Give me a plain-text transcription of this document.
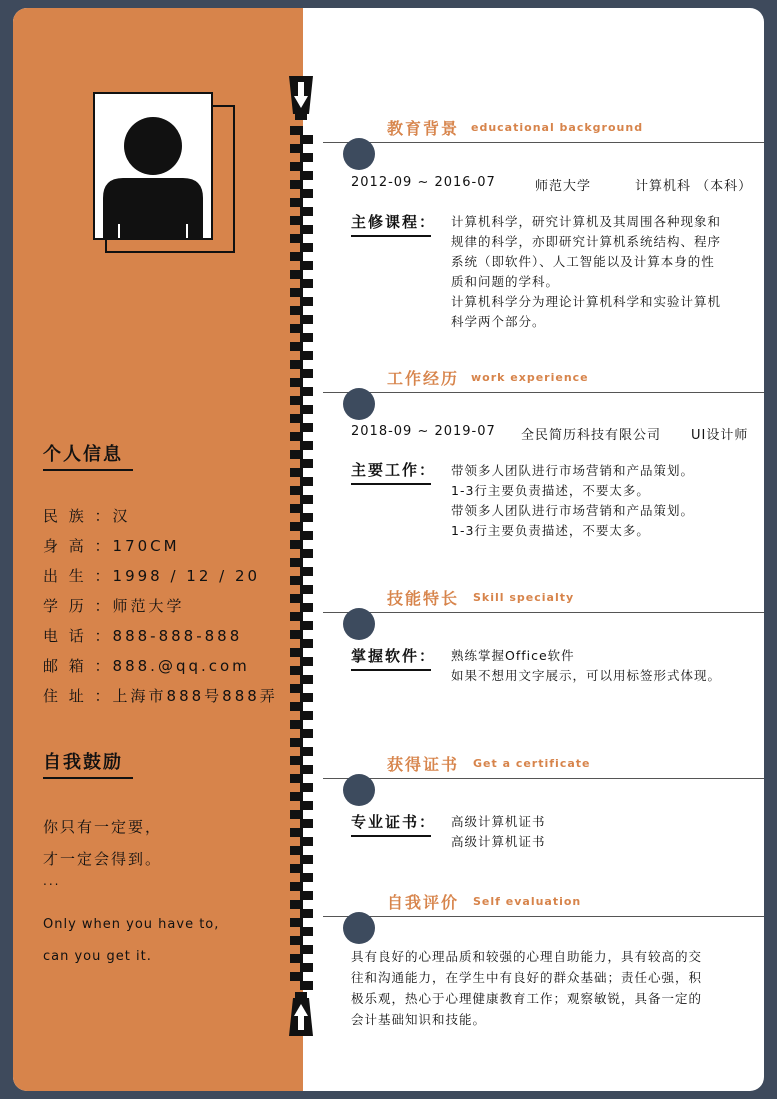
个人信息
民 族 ：汉
身 高 ：170CM
出 生 ：1998 / 12 / 20
学 历 ：师范大学
电 话 ：888-888-888
邮 箱 ：888.@qq.com
住 址 ：上海市888号888弄
自我鼓励
你只有一定要，
才一定会得到。
...
Only when you have to,
can you get it.
教育背景 educational background
2012-09 ~ 2016-07	师范大学	计算机科 （本科）
主修课程： 计算机科学，研究计算机及其周围各种现象和
规律的科学，亦即研究计算机系统结构、程序
系统（即软件）、人工智能以及计算本身的性
质和问题的学科。
计算机科学分为理论计算机科学和实验计算机
科学两个部分。
工作经历 work experience
2018-09 ~ 2019-07 全民简历科技有限公司 UI设计师
主要工作： 带领多人团队进行市场营销和产品策划。
1-3行主要负责描述，不要太多。
带领多人团队进行市场营销和产品策划。
1-3行主要负责描述，不要太多。
技能特长 Skill specialty
掌握软件： 熟练掌握Office软件
如果不想用文字展示，可以用标签形式体现。
获得证书 Get a certificate
专业证书： 高级计算机证书
高级计算机证书
自我评价 Self evaluation
具有良好的心理品质和较强的心理自助能力，具有较高的交
往和沟通能力，在学生中有良好的群众基础；责任心强，积
极乐观，热心于心理健康教育工作；观察敏锐，具备一定的
会计基础知识和技能。
